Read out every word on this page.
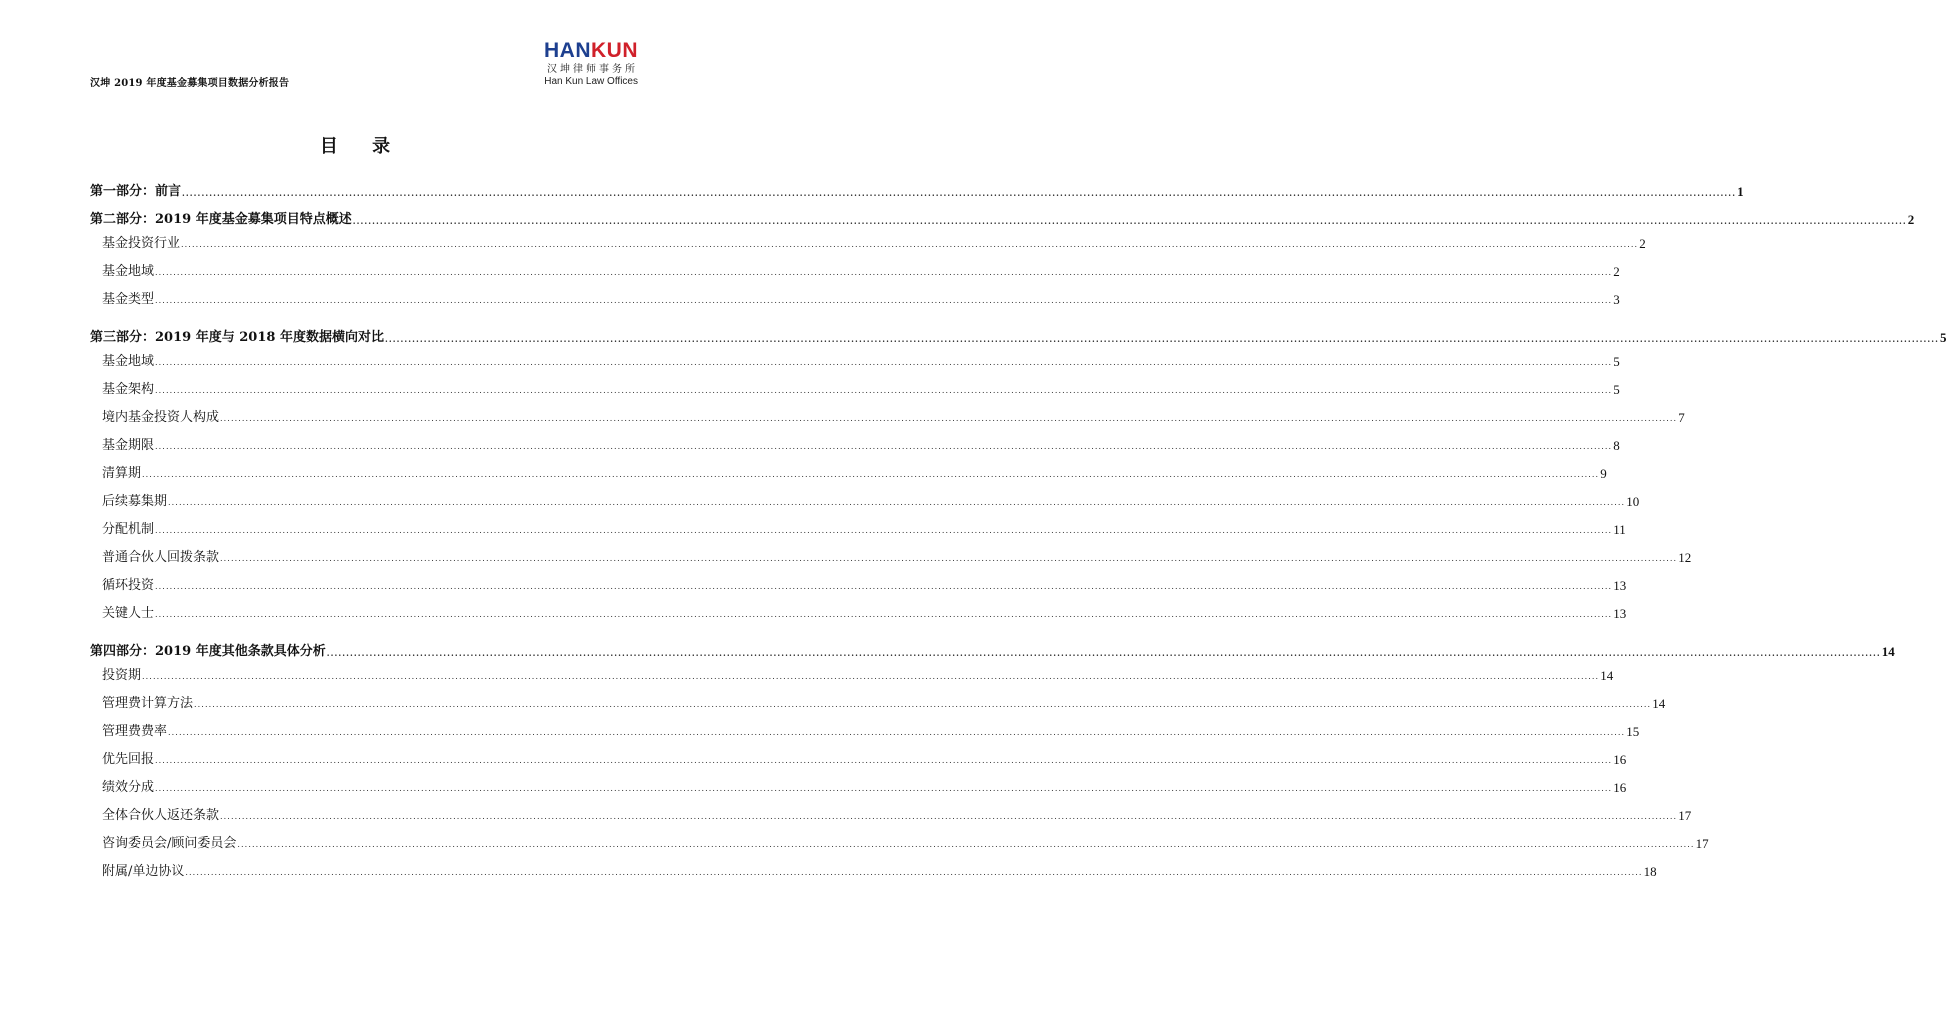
汉坤 2019 年度基金募集项目数据分析报告
HANKUN
汉坤律师事务所
Han Kun Law Offices
目 录
第一部分：前言 ................................................................................................................................................................................................................................................................................................................................................................................................................ 1
第二部分：2019 年度基金募集项目特点概述 ................................................................................................................................................................................................................................................................................................................................................................................................................ 2
基金投资行业 ................................................................................................................................................................................................................................................................................................................................................................................................................ 2
基金地域 ................................................................................................................................................................................................................................................................................................................................................................................................................ 2
基金类型 ................................................................................................................................................................................................................................................................................................................................................................................................................ 3
第三部分：2019 年度与 2018 年度数据横向对比 ................................................................................................................................................................................................................................................................................................................................................................................................................ 5
基金地域 ................................................................................................................................................................................................................................................................................................................................................................................................................ 5
基金架构 ................................................................................................................................................................................................................................................................................................................................................................................................................ 5
境内基金投资人构成 ................................................................................................................................................................................................................................................................................................................................................................................................................ 7
基金期限 ................................................................................................................................................................................................................................................................................................................................................................................................................ 8
清算期 ................................................................................................................................................................................................................................................................................................................................................................................................................ 9
后续募集期 ................................................................................................................................................................................................................................................................................................................................................................................................................ 10
分配机制 ................................................................................................................................................................................................................................................................................................................................................................................................................ 11
普通合伙人回拨条款 ................................................................................................................................................................................................................................................................................................................................................................................................................ 12
循环投资 ................................................................................................................................................................................................................................................................................................................................................................................................................ 13
关键人士 ................................................................................................................................................................................................................................................................................................................................................................................................................ 13
第四部分：2019 年度其他条款具体分析 ................................................................................................................................................................................................................................................................................................................................................................................................................ 14
投资期 ................................................................................................................................................................................................................................................................................................................................................................................................................ 14
管理费计算方法 ................................................................................................................................................................................................................................................................................................................................................................................................................ 14
管理费费率 ................................................................................................................................................................................................................................................................................................................................................................................................................ 15
优先回报 ................................................................................................................................................................................................................................................................................................................................................................................................................ 16
绩效分成 ................................................................................................................................................................................................................................................................................................................................................................................................................ 16
全体合伙人返还条款 ................................................................................................................................................................................................................................................................................................................................................................................................................ 17
咨询委员会/顾问委员会 ................................................................................................................................................................................................................................................................................................................................................................................................................ 17
附属/单边协议 ................................................................................................................................................................................................................................................................................................................................................................................................................ 18
